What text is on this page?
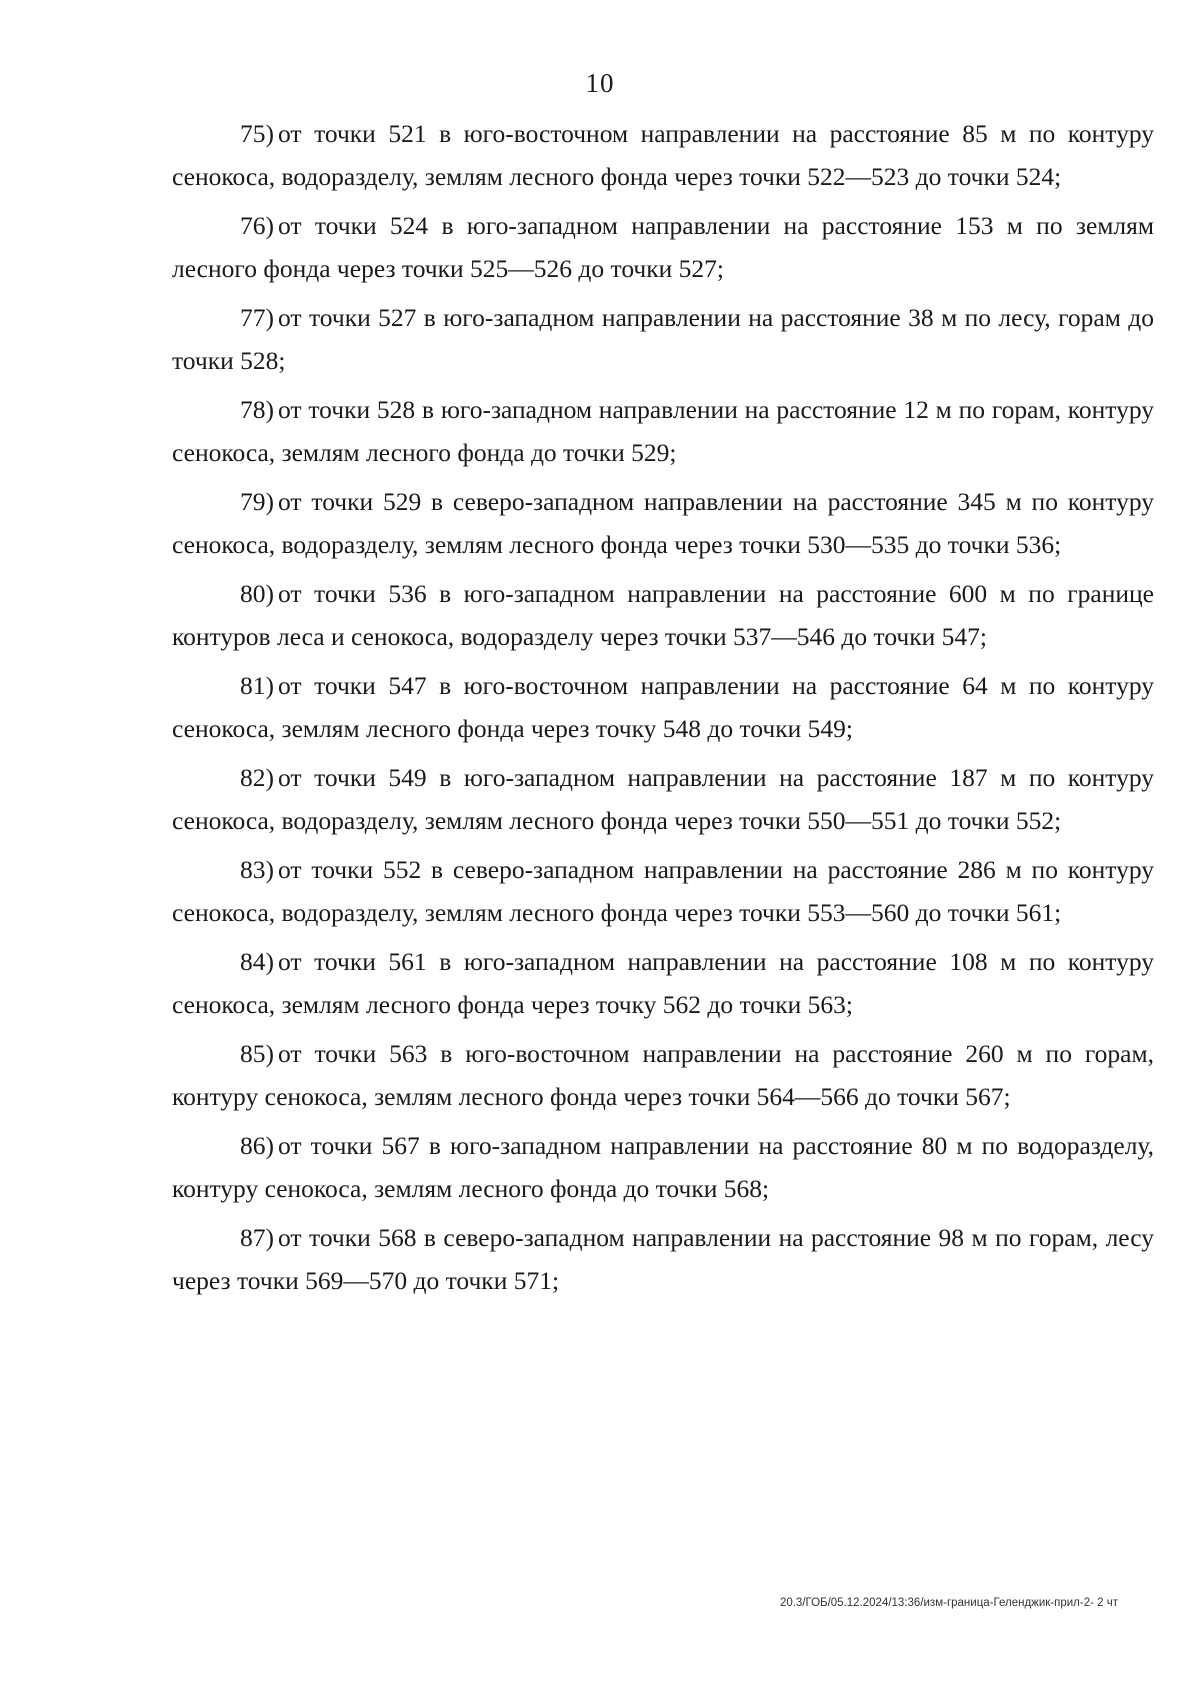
10

75) от точки 521 в юго-восточном направлении на расстояние 85 м по контуру сенокоса, водоразделу, землям лесного фонда через точки 522—523 до точки 524;

76) от точки 524 в юго-западном направлении на расстояние 153 м по землям лесного фонда через точки 525—526 до точки 527;

77) от точки 527 в юго-западном направлении на расстояние 38 м по лесу, горам до точки 528;

78) от точки 528 в юго-западном направлении на расстояние 12 м по горам, контуру сенокоса, землям лесного фонда до точки 529;

79) от точки 529 в северо-западном направлении на расстояние 345 м по контуру сенокоса, водоразделу, землям лесного фонда через точки 530—535 до точки 536;

80) от точки 536 в юго-западном направлении на расстояние 600 м по границе контуров леса и сенокоса, водоразделу через точки 537—546 до точки 547;

81) от точки 547 в юго-восточном направлении на расстояние 64 м по контуру сенокоса, землям лесного фонда через точку 548 до точки 549;

82) от точки 549 в юго-западном направлении на расстояние 187 м по контуру сенокоса, водоразделу, землям лесного фонда через точки 550—551 до точки 552;

83) от точки 552 в северо-западном направлении на расстояние 286 м по контуру сенокоса, водоразделу, землям лесного фонда через точки 553—560 до точки 561;

84) от точки 561 в юго-западном направлении на расстояние 108 м по контуру сенокоса, землям лесного фонда через точку 562 до точки 563;

85) от точки 563 в юго-восточном направлении на расстояние 260 м по горам, контуру сенокоса, землям лесного фонда через точки 564—566 до точки 567;

86) от точки 567 в юго-западном направлении на расстояние 80 м по водоразделу, контуру сенокоса, землям лесного фонда до точки 568;

87) от точки 568 в северо-западном направлении на расстояние 98 м по горам, лесу через точки 569—570 до точки 571;

20.3/ГОБ/05.12.2024/13:36/изм-граница-Геленджик-прил-2- 2 чт
